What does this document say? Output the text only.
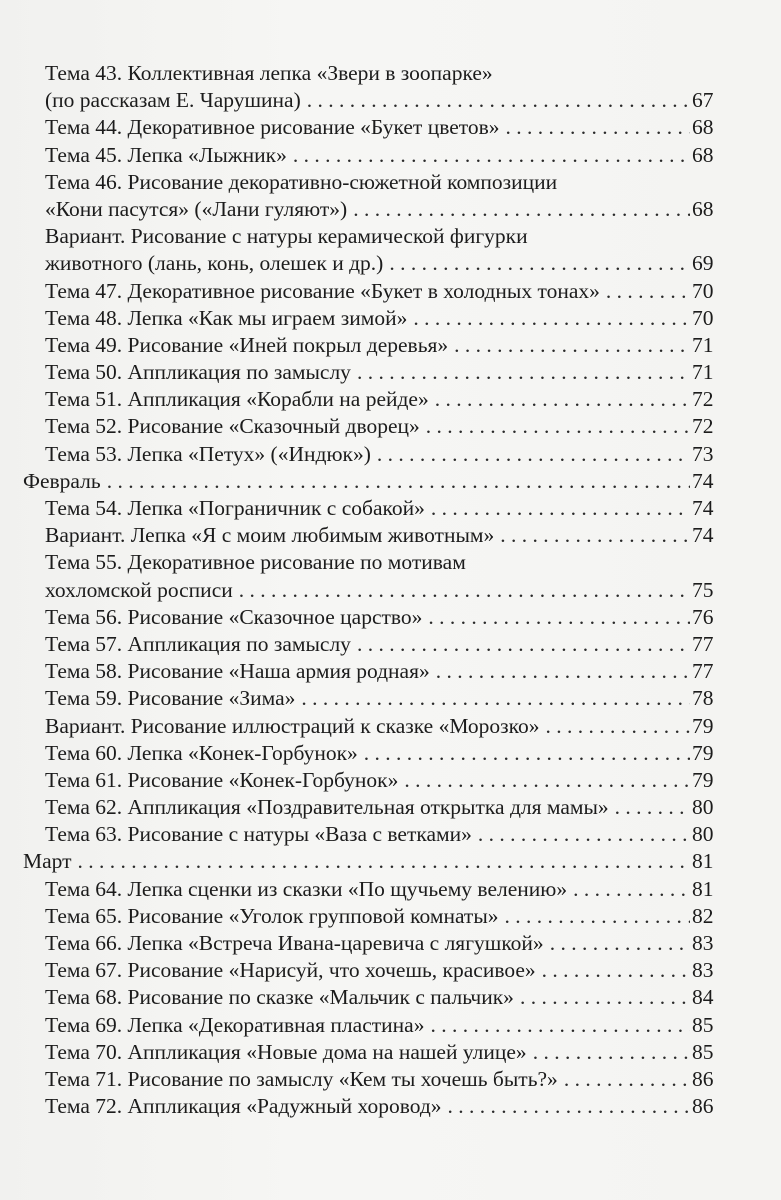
Тема 43. Коллективная лепка «Звери в зоопарке»
(по рассказам Е. Чарушина) . . .	67
Тема 44. Декоративное рисование «Букет цветов» . . .	68
Тема 45. Лепка «Лыжник» . . .	68
Тема 46. Рисование декоративно-сюжетной композиции
«Кони пасутся» («Лани гуляют») . . .	68
Вариант. Рисование с натуры керамической фигурки
животного (лань, конь, олешек и др.) . . .	69
Тема 47. Декоративное рисование «Букет в холодных тонах» . . .	70
Тема 48. Лепка «Как мы играем зимой» . . .	70
Тема 49. Рисование «Иней покрыл деревья» . . .	71
Тема 50. Аппликация по замыслу . . .	71
Тема 51. Аппликация «Корабли на рейде» . . .	72
Тема 52. Рисование «Сказочный дворец» . . .	72
Тема 53. Лепка «Петух» («Индюк») . . .	73
Февраль . . .	74
Тема 54. Лепка «Пограничник с собакой» . . .	74
Вариант. Лепка «Я с моим любимым животным» . . .	74
Тема 55. Декоративное рисование по мотивам
хохломской росписи . . .	75
Тема 56. Рисование «Сказочное царство» . . .	76
Тема 57. Аппликация по замыслу . . .	77
Тема 58. Рисование «Наша армия родная» . . .	77
Тема 59. Рисование «Зима» . . .	78
Вариант. Рисование иллюстраций к сказке «Морозко» . . .	79
Тема 60. Лепка «Конек-Горбунок» . . .	79
Тема 61. Рисование «Конек-Горбунок» . . .	79
Тема 62. Аппликация «Поздравительная открытка для мамы» . . .	80
Тема 63. Рисование с натуры «Ваза с ветками» . . .	80
Март . . .	81
Тема 64. Лепка сценки из сказки «По щучьему велению» . . .	81
Тема 65. Рисование «Уголок групповой комнаты» . . .	82
Тема 66. Лепка «Встреча Ивана-царевича с лягушкой» . . .	83
Тема 67. Рисование «Нарисуй, что хочешь, красивое» . . .	83
Тема 68. Рисование по сказке «Мальчик с пальчик» . . .	84
Тема 69. Лепка «Декоративная пластина» . . .	85
Тема 70. Аппликация «Новые дома на нашей улице» . . .	85
Тема 71. Рисование по замыслу «Кем ты хочешь быть?» . . .	86
Тема 72. Аппликация «Радужный хоровод» . . .	86
